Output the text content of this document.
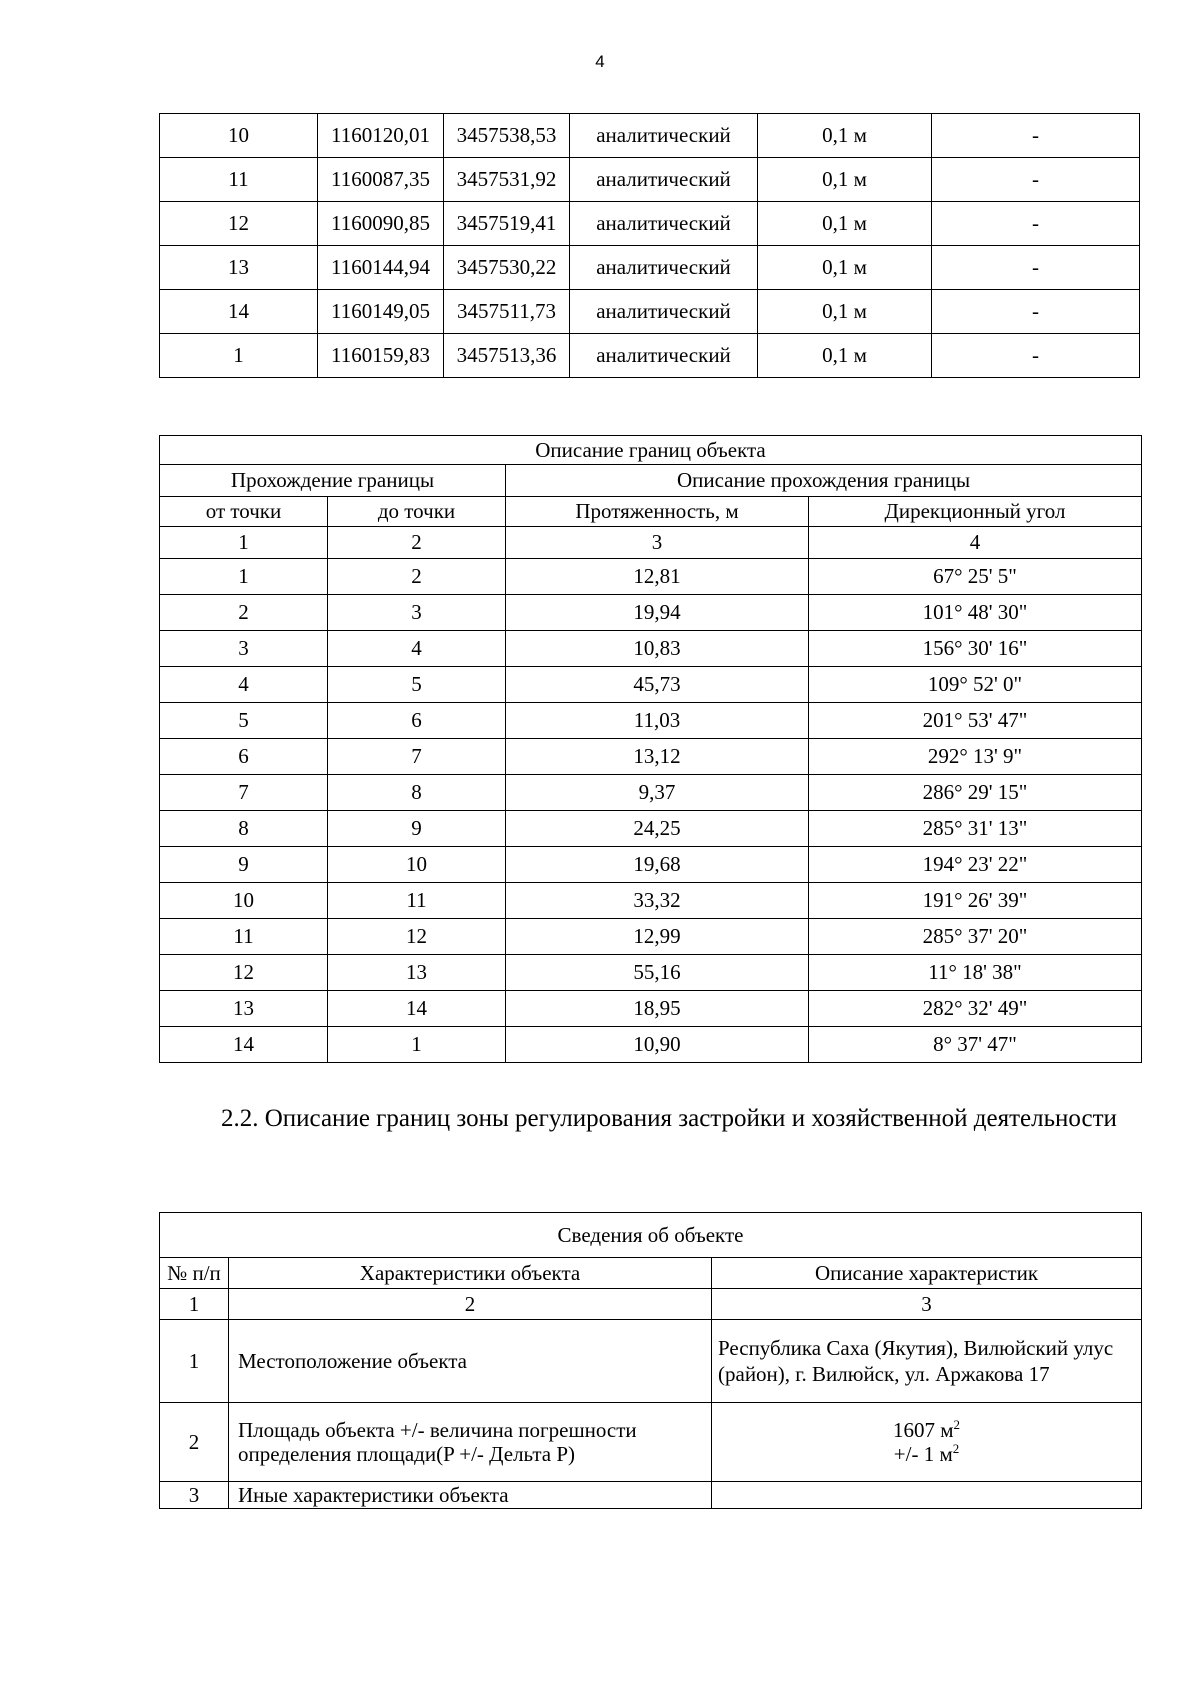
4
10	1160120,01	3457538,53	аналитический	0,1 м	-
11	1160087,35	3457531,92	аналитический	0,1 м	-
12	1160090,85	3457519,41	аналитический	0,1 м	-
13	1160144,94	3457530,22	аналитический	0,1 м	-
14	1160149,05	3457511,73	аналитический	0,1 м	-
1	1160159,83	3457513,36	аналитический	0,1 м	-
Описание границ объекта			
Прохождение границы		Описание прохождения границы	
от точки	до точки	Протяженность, м	Дирекционный угол
1	2	3	4
1	2	12,81	67° 25' 5"
2	3	19,94	101° 48' 30"
3	4	10,83	156° 30' 16"
4	5	45,73	109° 52' 0"
5	6	11,03	201° 53' 47"
6	7	13,12	292° 13' 9"
7	8	9,37	286° 29' 15"
8	9	24,25	285° 31' 13"
9	10	19,68	194° 23' 22"
10	11	33,32	191° 26' 39"
11	12	12,99	285° 37' 20"
12	13	55,16	11° 18' 38"
13	14	18,95	282° 32' 49"
14	1	10,90	8° 37' 47"

2.2. Описание границ зоны регулирования застройки и хозяйственной деятельности

Сведения об объекте		
№ п/п	Характеристики объекта	Описание характеристик
1	2	3
1	Местоположение объекта	Республика Саха (Якутия), Вилюйский улус (район), г. Вилюйск, ул. Аржакова 17
2	Площадь объекта +/- величина погрешности определения площади(P +/- Дельта P)	1607 $м^2$
+/- 1 $м^2$

3	Иные характеристики объекта	
